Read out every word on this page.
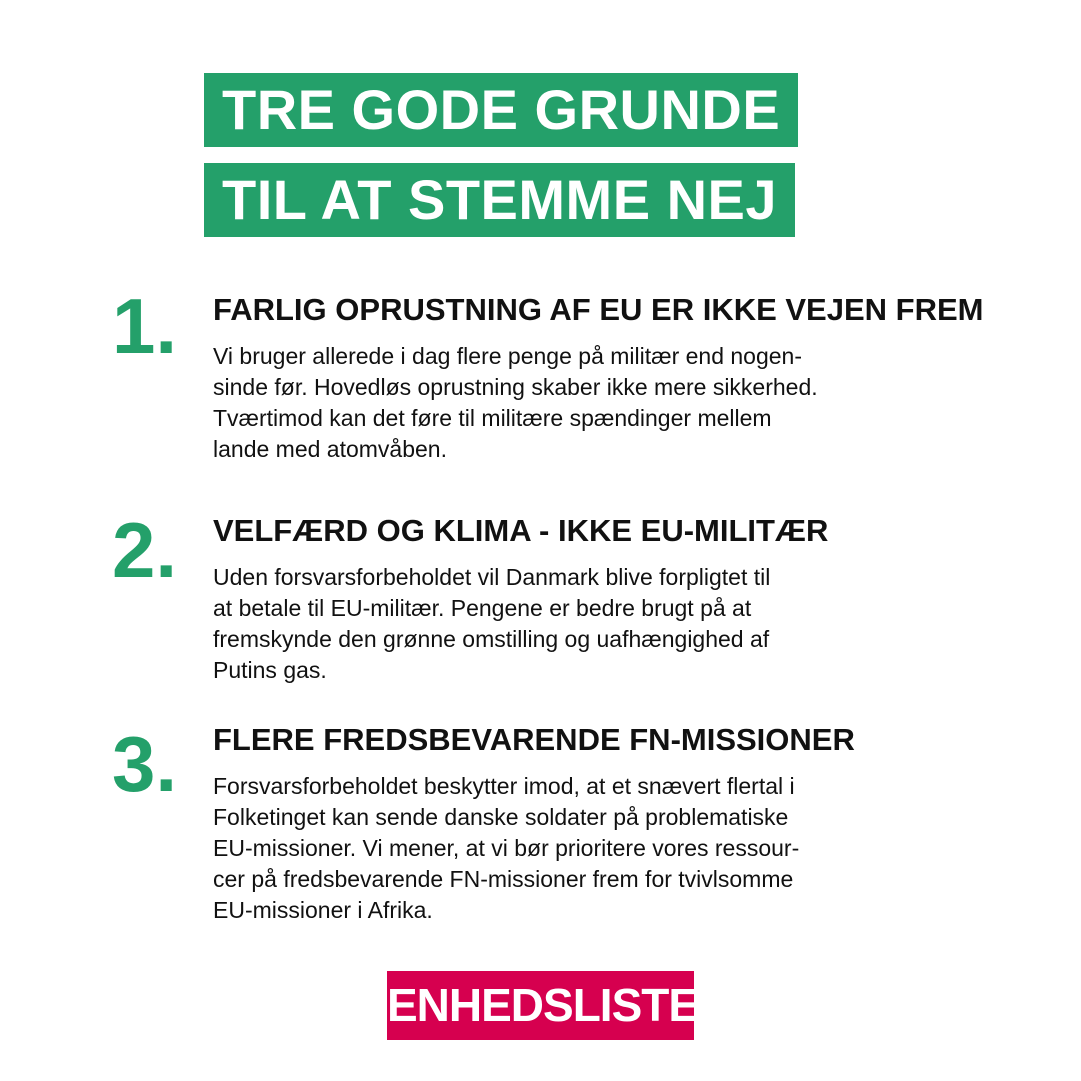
TRE GODE GRUNDE
TIL AT STEMME NEJ
1. FARLIG OPRUSTNING AF EU ER IKKE VEJEN FREM
Vi bruger allerede i dag flere penge på militær end nogen-
sinde før. Hovedløs oprustning skaber ikke mere sikkerhed.
Tværtimod kan det føre til militære spændinger mellem
lande med atomvåben.
2. VELFÆRD OG KLIMA - IKKE EU-MILITÆR
Uden forsvarsforbeholdet vil Danmark blive forpligtet til
at betale til EU-militær. Pengene er bedre brugt på at
fremskynde den grønne omstilling og uafhængighed af
Putins gas.
3. FLERE FREDSBEVARENDE FN-MISSIONER
Forsvarsforbeholdet beskytter imod, at et snævert flertal i
Folketinget kan sende danske soldater på problematiske
EU-missioner. Vi mener, at vi bør prioritere vores ressour-
cer på fredsbevarende FN-missioner frem for tvivlsomme
EU-missioner i Afrika.
ENHEDSLISTEN
